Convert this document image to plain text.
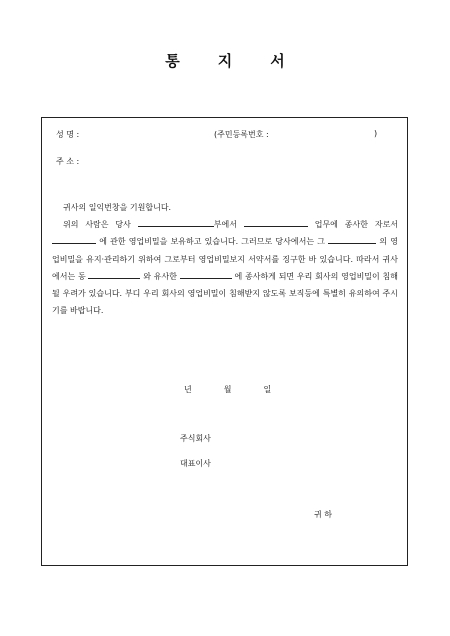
통	지	서
성 명 :	(주민등록번호 :	)
주 소 :

귀사의 일익번창을 기원합니다.

위의 사람은 당사	부에서	업무에 종사한 자로서  에 관한 영업비밀을 보유하고 있습니다. 그러므로 당사에서는 그	의 영업비밀을 유지·관리하기 위하여 그로부터 영업비밀보지 서약서를 징구한 바 있습니다. 따라서 귀사에서는 동	와 유사한	에 종사하게 되면 우리 회사의 영업비밀이 침해될 우려가 있습니다. 부디 우리 회사의 영업비밀이 침해받지 않도록 보직등에 특별히 유의하여 주시기를 바랍니다.

년	월	일
주식회사
대표이사
귀 하
